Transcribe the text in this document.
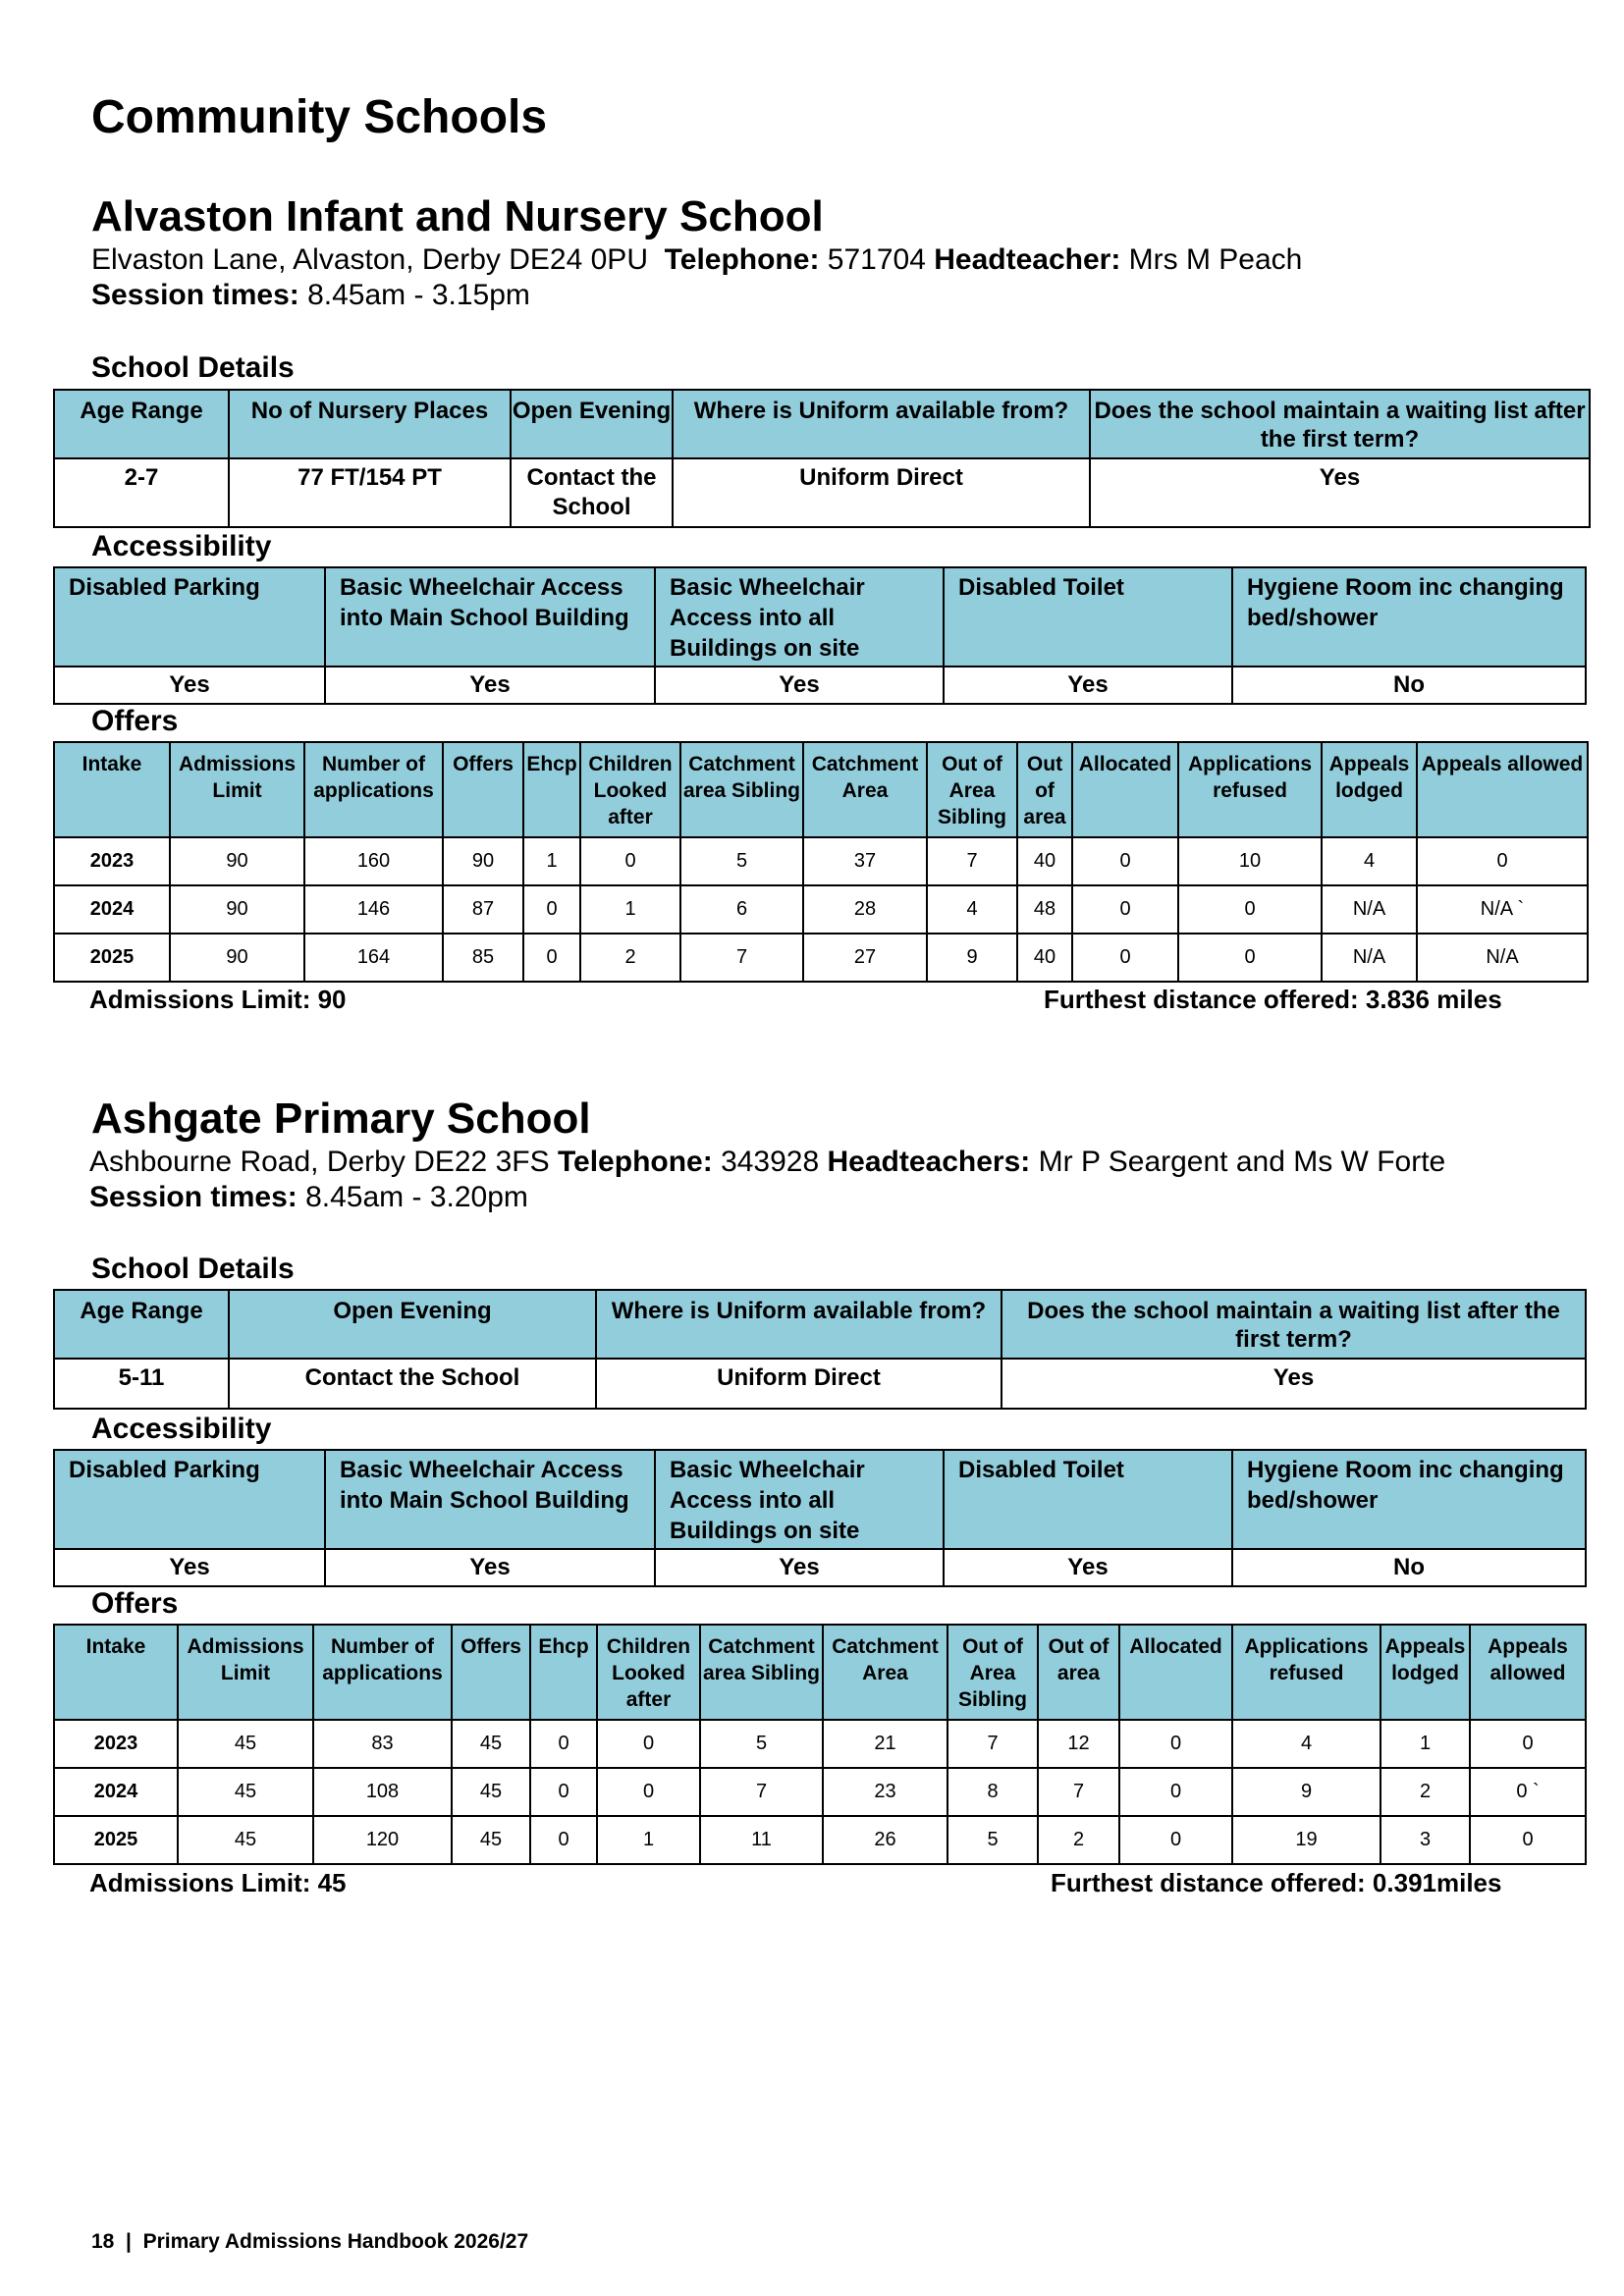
Community Schools
Alvaston Infant and Nursery School
Elvaston Lane, Alvaston, Derby DE24 0PU Telephone: 571704 Headteacher: Mrs M Peach
Session times: 8.45am - 3.15pm
School Details
Age Range	No of Nursery Places	Open Evening	Where is Uniform available from?	Does the school maintain a waiting list after the first term?
2-7	77 FT/154 PT	Contact the School	Uniform Direct	Yes
Accessibility
Disabled Parking	Basic Wheelchair Access into Main School Building	Basic Wheelchair Access into all Buildings on site	Disabled Toilet	Hygiene Room inc changing bed/shower
Yes	Yes	Yes	Yes	No
Offers
Intake	Admissions Limit	Number of applications	Offers	Ehcp	Children Looked after	Catchment area Sibling	Catchment Area	Out of Area Sibling	Out of area	Allocated	Applications refused	Appeals lodged	Appeals allowed
2023	90	160	90	1	0	5	37	7	40	0	10	4	0
2024	90	146	87	0	1	6	28	4	48	0	0	N/A	N/A `
2025	90	164	85	0	2	7	27	9	40	0	0	N/A	N/A
Admissions Limit: 90	Furthest distance offered: 3.836 miles
Ashgate Primary School
Ashbourne Road, Derby DE22 3FS Telephone: 343928 Headteachers: Mr P Seargent and Ms W Forte
Session times: 8.45am - 3.20pm
School Details
Age Range	Open Evening	Where is Uniform available from?	Does the school maintain a waiting list after the first term?
5-11	Contact the School	Uniform Direct	Yes
Accessibility
Disabled Parking	Basic Wheelchair Access into Main School Building	Basic Wheelchair Access into all Buildings on site	Disabled Toilet	Hygiene Room inc changing bed/shower
Yes	Yes	Yes	Yes	No
Offers
Intake	Admissions Limit	Number of applications	Offers	Ehcp	Children Looked after	Catchment area Sibling	Catchment Area	Out of Area Sibling	Out of area	Allocated	Applications refused	Appeals lodged	Appeals allowed
2023	45	83	45	0	0	5	21	7	12	0	4	1	0
2024	45	108	45	0	0	7	23	8	7	0	9	2	0 `
2025	45	120	45	0	1	11	26	5	2	0	19	3	0
Admissions Limit: 45	Furthest distance offered: 0.391miles
18 | Primary Admissions Handbook 2026/27
